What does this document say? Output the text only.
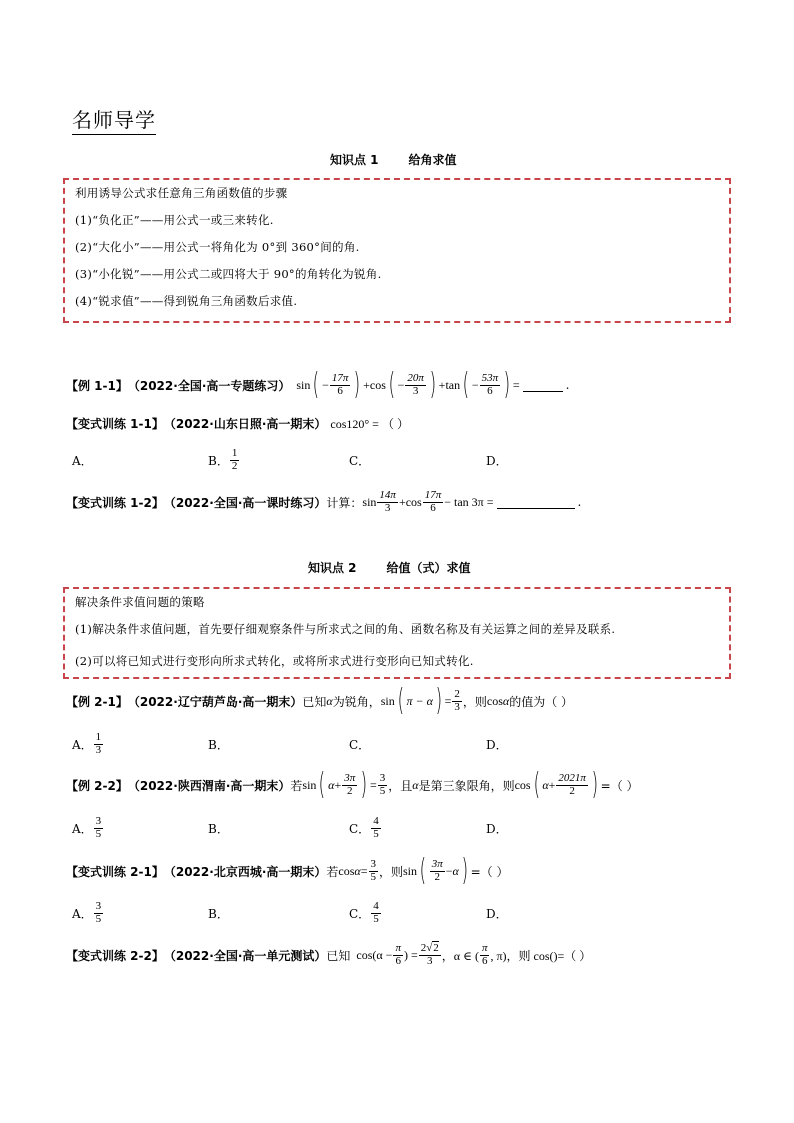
名师导学
知识点 1	给角求值
利用诱导公式求任意角三角函数值的步骤
(1)“负化正”——用公式一或三来转化.
(2)“大化小”——用公式一将角化为 0°到 360°间的角.
(3)“小化锐”——用公式二或四将大于 90°的角转化为锐角.
(4)“锐求值”——得到锐角三角函数后求值.
【例 1-1】 （2022·全国·高一专题练习） sin ( − $\frac{17\pi}{6}$ ) + cos ( − $\frac{20\pi}{3}$ ) + tan ( − $\frac{53\pi}{6}$ ) =	.
【变式训练 1-1】 （2022·山东日照·高一期末） cos120° = （ ）
A．	B． $\frac{1}{2}$	C．	D．
【变式训练 1-2】 （2022·全国·高一课时练习） 计算： $\sin \frac{14\pi}{3} + \cos \frac{17\pi}{6} - \tan 3\pi$ =	.
知识点 2	给值（式）求值
解决条件求值问题的策略
(1)解决条件求值问题，首先要仔细观察条件与所求式之间的角、函数名称及有关运算之间的差异及联系.
(2)可以将已知式进行变形向所求式转化，或将所求式进行变形向已知式转化.
【例 2-1】 （2022·辽宁葫芦岛·高一期末） 已知 α 为锐角， sin ( π − α ) = $\frac{2}{3}$ ，则 cos α 的值为（ ）
A． $\frac{1}{3}$	B．	C．	D．
【例 2-2】 （2022·陕西渭南·高一期末） 若 sin ( $\alpha + \frac{3\pi}{2}$ ) = $\frac{3}{5}$ ，且 α 是第三象限角，则 cos ( $\alpha + \frac{2021\pi}{2}$ ) =（ ）
A． $\frac{3}{5}$	B．	C． $\frac{4}{5}$	D．
【变式训练 2-1】 （2022·北京西城·高一期末） 若 $\cos \alpha = \frac{3}{5}$ ，则 sin ( $\frac{3\pi}{2} - \alpha$ ) =（ ）
A． $\frac{3}{5}$	B．	C． $\frac{4}{5}$	D．
【变式训练 2-2】 （2022·全国·高一单元测试） 已知 $\cos(\alpha - \frac{\pi}{6}$ ) = $\frac{2√2}{3}$ ，α ∈ ( $\frac{\pi}{6}$ , π)，则 cos()=（ ）
